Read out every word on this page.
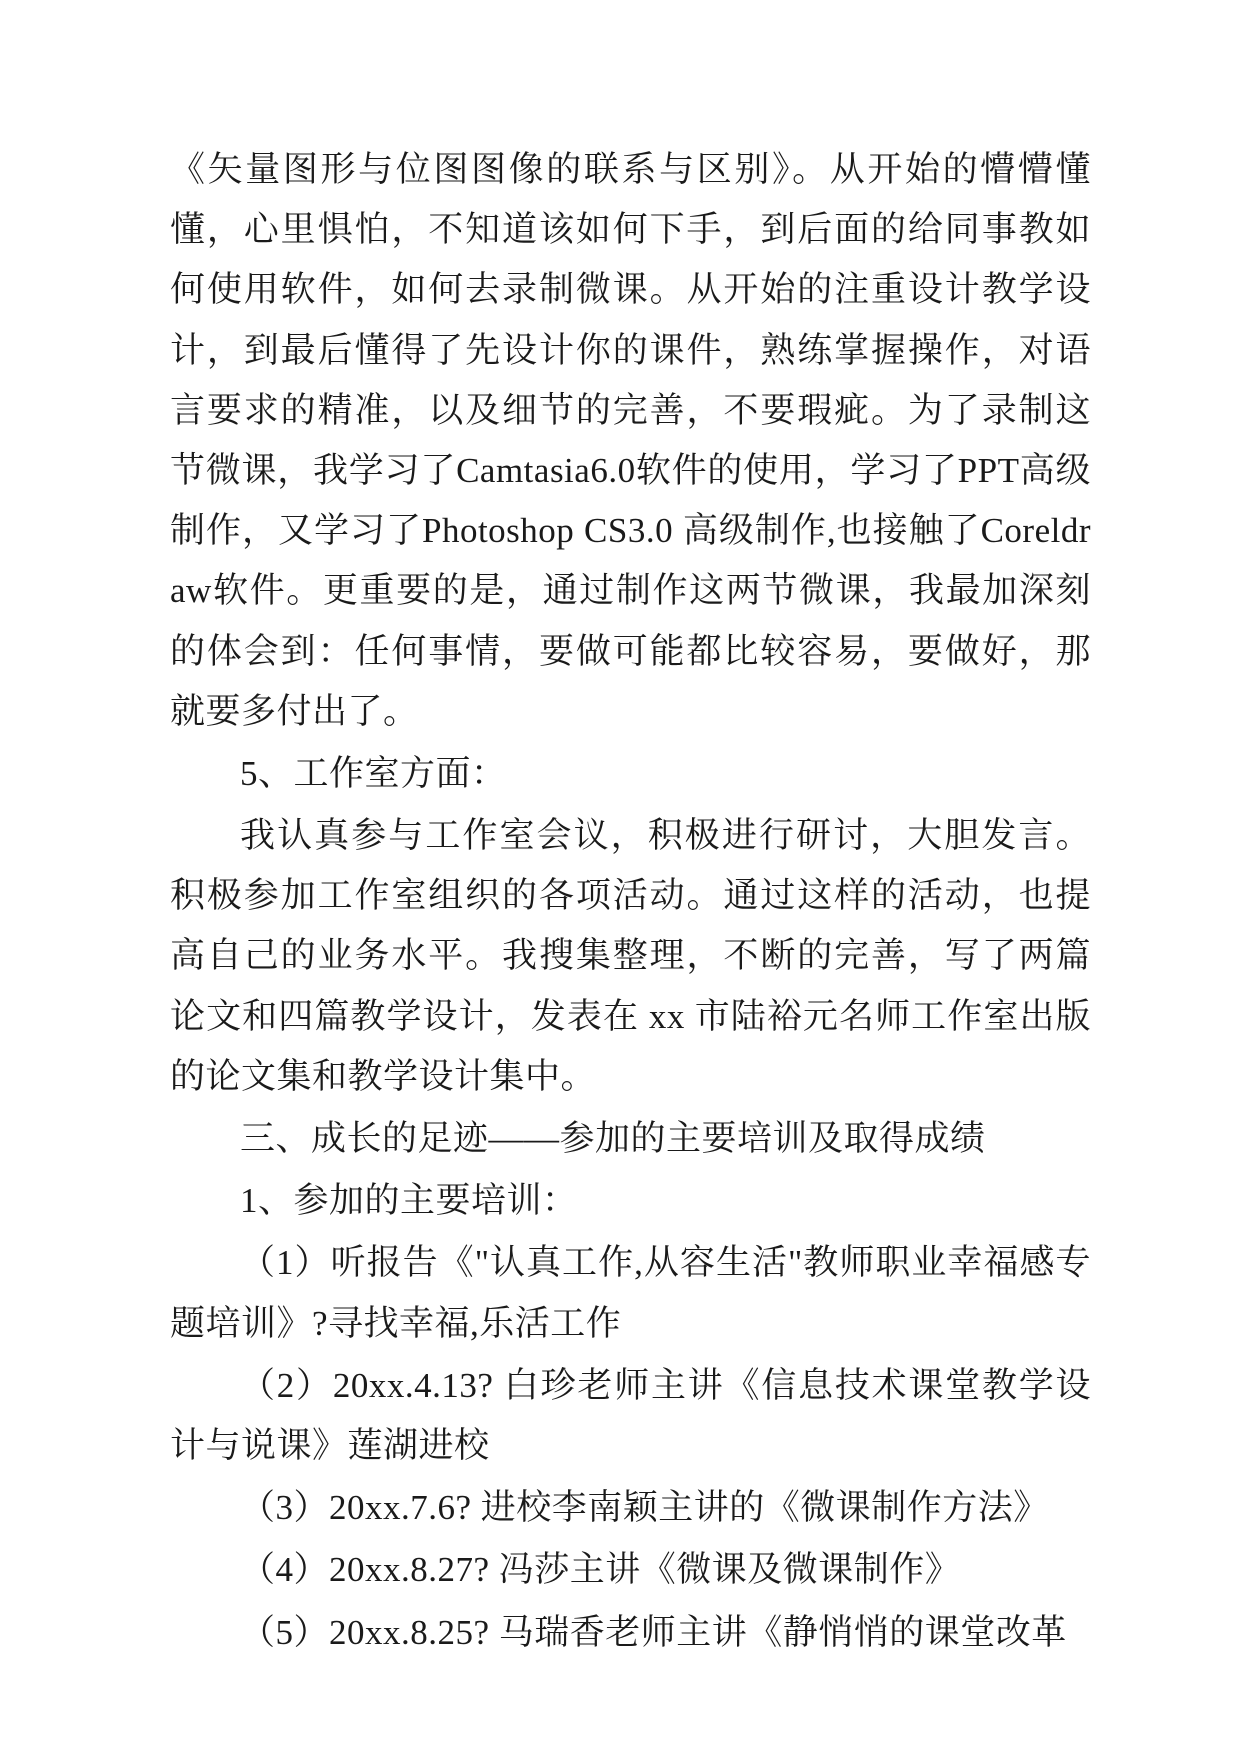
《矢量图形与位图图像的联系与区别》。从开始的懵懵懂懂，心里惧怕，不知道该如何下手，到后面的给同事教如何使用软件，如何去录制微课。从开始的注重设计教学设计，到最后懂得了先设计你的课件，熟练掌握操作，对语言要求的精准，以及细节的完善，不要瑕疵。为了录制这节微课，我学习了Camtasia6.0软件的使用，学习了PPT高级制作，又学习了Photoshop CS3.0 高级制作,也接触了Coreldraw软件。更重要的是，通过制作这两节微课，我最加深刻的体会到：任何事情，要做可能都比较容易，要做好，那就要多付出了。

5、工作室方面：

我认真参与工作室会议，积极进行研讨，大胆发言。积极参加工作室组织的各项活动。通过这样的活动，也提高自己的业务水平。我搜集整理，不断的完善，写了两篇论文和四篇教学设计，发表在 xx 市陆裕元名师工作室出版的论文集和教学设计集中。

三、成长的足迹——参加的主要培训及取得成绩

1、参加的主要培训：

（1）听报告《"认真工作,从容生活"教师职业幸福感专题培训》?寻找幸福,乐活工作

（2）20xx.4.13? 白珍老师主讲《信息技术课堂教学设计与说课》莲湖进校

（3）20xx.7.6? 进校李南颖主讲的《微课制作方法》

（4）20xx.8.27? 冯莎主讲《微课及微课制作》

（5）20xx.8.25? 马瑞香老师主讲《静悄悄的课堂改革
